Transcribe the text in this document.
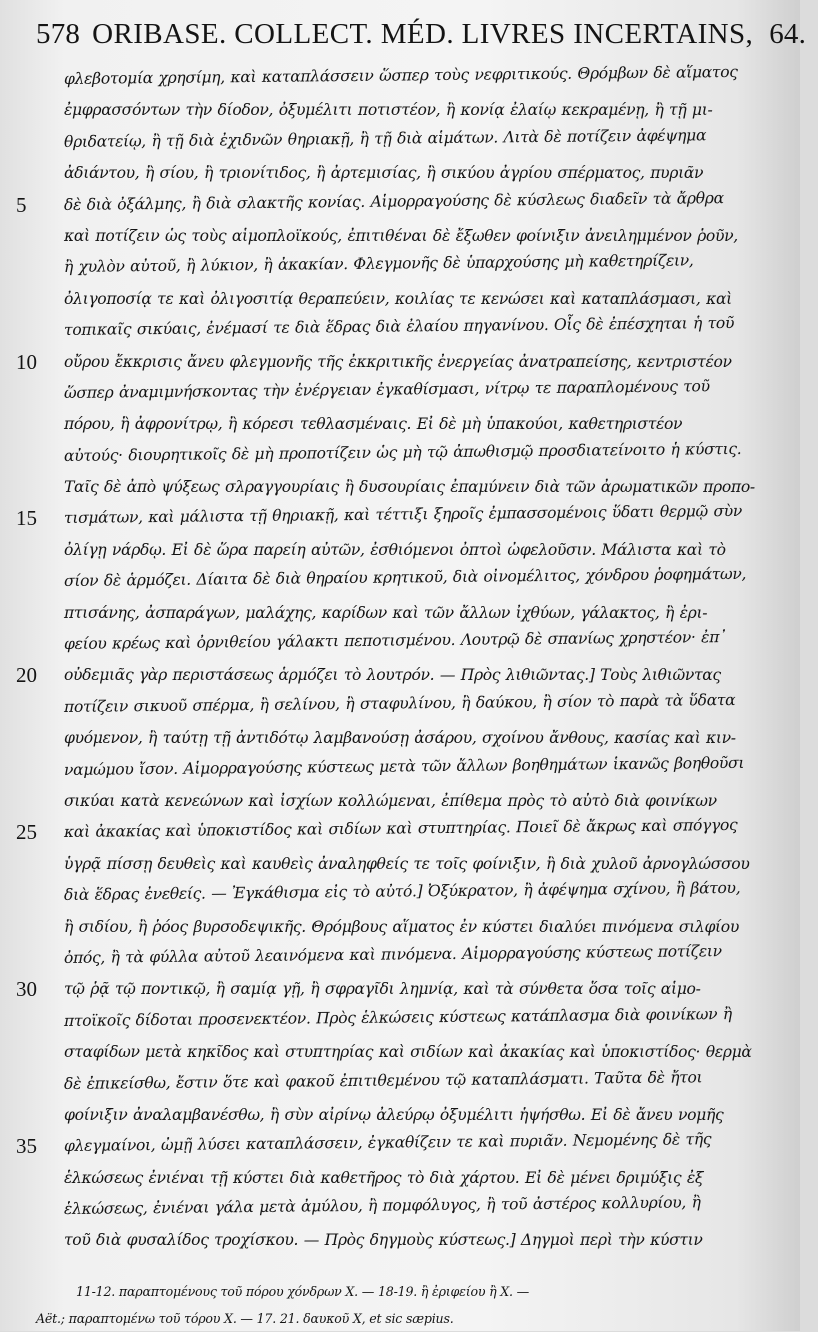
578 ORIBASE. COLLECT. MÉD. LIVRES INCERTAINS, 64.
φλεβοτομία χρησίμη, καὶ καταπλάσσειν ὥσπερ τοὺς νεφριτικούς. Θρόμβων δὲ αἵματος
ἐμφρασσόντων τὴν δίοδον, ὀξυμέλιτι ποτιστέον, ἢ κονίᾳ ἐλαίῳ κεκραμένῃ, ἢ τῇ μι-
θριδατείῳ, ἢ τῇ διὰ ἐχιδνῶν θηριακῇ, ἢ τῇ διὰ αἱμάτων. Λιτὰ δὲ ποτίζειν ἀφέψημα
ἀδιάντου, ἢ σίου, ἢ τριονίτιδος, ἢ ἀρτεμισίας, ἢ σικύου ἀγρίου σπέρματος, πυριᾶν
5	δὲ διὰ ὀξάλμης, ἢ διὰ σλακτῆς κονίας. Αἱμορραγούσης δὲ κύσλεως διαδεῖν τὰ ἄρθρα
καὶ ποτίζειν ὡς τοὺς αἱμοπλοϊκούς, ἐπιτιθέναι δὲ ἔξωθεν φοίνιξιν ἀνειλημμένον ῥοῦν,
ἢ χυλὸν αὐτοῦ, ἢ λύκιον, ἢ ἀκακίαν. Φλεγμονῆς δὲ ὑπαρχούσης μὴ καθετηρίζειν,
ὀλιγοποσίᾳ τε καὶ ὀλιγοσιτίᾳ θεραπεύειν, κοιλίας τε κενώσει καὶ καταπλάσμασι, καὶ
τοπικαῖς σικύαις, ἐνέμασί τε διὰ ἕδρας διὰ ἐλαίου πηγανίνου. Οἷς δὲ ἐπέσχηται ἡ τοῦ
10	οὔρου ἔκκρισις ἄνευ φλεγμονῆς τῆς ἐκκριτικῆς ἐνεργείας ἀνατραπείσης, κεντριστέον
ὥσπερ ἀναμιμνήσκοντας τὴν ἐνέργειαν ἐγκαθίσμασι, νίτρῳ τε παραπλομένους τοῦ
πόρου, ἢ ἀφρονίτρῳ, ἢ κόρεσι τεθλασμέναις. Εἰ δὲ μὴ ὑπακούοι, καθετηριστέον
αὐτούς· διουρητικοῖς δὲ μὴ προποτίζειν ὡς μὴ τῷ ἀπωθισμῷ προσδιατείνοιτο ἡ κύστις.
Ταῖς δὲ ἀπὸ ψύξεως σλραγγουρίαις ἢ δυσουρίαις ἐπαμύνειν διὰ τῶν ἀρωματικῶν προπο-
15	τισμάτων, καὶ μάλιστα τῇ θηριακῇ, καὶ τέττιξι ξηροῖς ἐμπασσομένοις ὕδατι θερμῷ σὺν
ὀλίγῃ νάρδῳ. Εἰ δὲ ὥρα παρείη αὐτῶν, ἐσθιόμενοι ὀπτοὶ ὠφελοῦσιν. Μάλιστα καὶ τὸ
σίον δὲ ἁρμόζει. Δίαιτα δὲ διὰ θηραίου κρητικοῦ, διὰ οἰνομέλιτος, χόνδρου ῥοφημάτων,
πτισάνης, ἀσπαράγων, μαλάχης, καρίδων καὶ τῶν ἄλλων ἰχθύων, γάλακτος, ἢ ἐρι-
φείου κρέως καὶ ὀρνιθείου γάλακτι πεποτισμένου. Λουτρῷ δὲ σπανίως χρηστέον· ἐπ᾽
20	οὐδεμιᾶς γὰρ περιστάσεως ἁρμόζει τὸ λουτρόν. — Πρὸς λιθιῶντας.] Τοὺς λιθιῶντας
ποτίζειν σικυοῦ σπέρμα, ἢ σελίνου, ἢ σταφυλίνου, ἢ δαύκου, ἢ σίον τὸ παρὰ τὰ ὕδατα
φυόμενον, ἢ ταύτῃ τῇ ἀντιδότῳ λαμβανούσῃ ἀσάρου, σχοίνου ἄνθους, κασίας καὶ κιν-
ναμώμου ἴσον. Αἱμορραγούσης κύστεως μετὰ τῶν ἄλλων βοηθημάτων ἱκανῶς βοηθοῦσι
σικύαι κατὰ κενεώνων καὶ ἰσχίων κολλώμεναι, ἐπίθεμα πρὸς τὸ αὐτὸ διὰ φοινίκων
25	καὶ ἀκακίας καὶ ὑποκιστίδος καὶ σιδίων καὶ στυπτηρίας. Ποιεῖ δὲ ἄκρως καὶ σπόγγος
ὑγρᾷ πίσσῃ δευθεὶς καὶ καυθεὶς ἀναληφθείς τε τοῖς φοίνιξιν, ἢ διὰ χυλοῦ ἀρνογλώσσου
διὰ ἕδρας ἐνεθείς. — Ἐγκάθισμα εἰς τὸ αὐτό.] Ὀξύκρατον, ἢ ἀφέψημα σχίνου, ἢ βάτου,
ἢ σιδίου, ἢ ῥόος βυρσοδεψικῆς. Θρόμβους αἵματος ἐν κύστει διαλύει πινόμενα σιλφίου
ὀπός, ἢ τὰ φύλλα αὐτοῦ λεαινόμενα καὶ πινόμενα. Αἱμορραγούσης κύστεως ποτίζειν
30	τῷ ῥᾷ τῷ ποντικῷ, ἢ σαμίᾳ γῇ, ἢ σφραγῖδι λημνίᾳ, καὶ τὰ σύνθετα ὅσα τοῖς αἱμο-
πτοϊκοῖς δίδοται προσενεκτέον. Πρὸς ἑλκώσεις κύστεως κατάπλασμα διὰ φοινίκων ἢ
σταφίδων μετὰ κηκῖδος καὶ στυπτηρίας καὶ σιδίων καὶ ἀκακίας καὶ ὑποκιστίδος· θερμὰ
δὲ ἐπικείσθω, ἔστιν ὅτε καὶ φακοῦ ἐπιτιθεμένου τῷ καταπλάσματι. Ταῦτα δὲ ἤτοι
φοίνιξιν ἀναλαμβανέσθω, ἢ σὺν αἰρίνῳ ἀλεύρῳ ὀξυμέλιτι ἡψήσθω. Εἰ δὲ ἄνευ νομῆς
35	φλεγμαίνοι, ὠμῇ λύσει καταπλάσσειν, ἐγκαθίζειν τε καὶ πυριᾶν. Νεμομένης δὲ τῆς
ἑλκώσεως ἐνιέναι τῇ κύστει διὰ καθετῆρος τὸ διὰ χάρτου. Εἰ δὲ μένει δριμύξις ἐξ
ἑλκώσεως, ἐνιέναι γάλα μετὰ ἀμύλου, ἢ πομφόλυγος, ἢ τοῦ ἀστέρος κολλυρίου, ἢ
τοῦ διὰ φυσαλίδος τροχίσκου. — Πρὸς δηγμοὺς κύστεως.] Δηγμοὶ περὶ τὴν κύστιν
11-12. παραπτομένους τοῦ πόρου χόνδρων X. — 18-19. ἢ ἐριφείου ἢ X. —
Aët.; παραπτομένω τοῦ τόρου X. — 17. 21. δαυκοῦ X, et sic sæpius.
